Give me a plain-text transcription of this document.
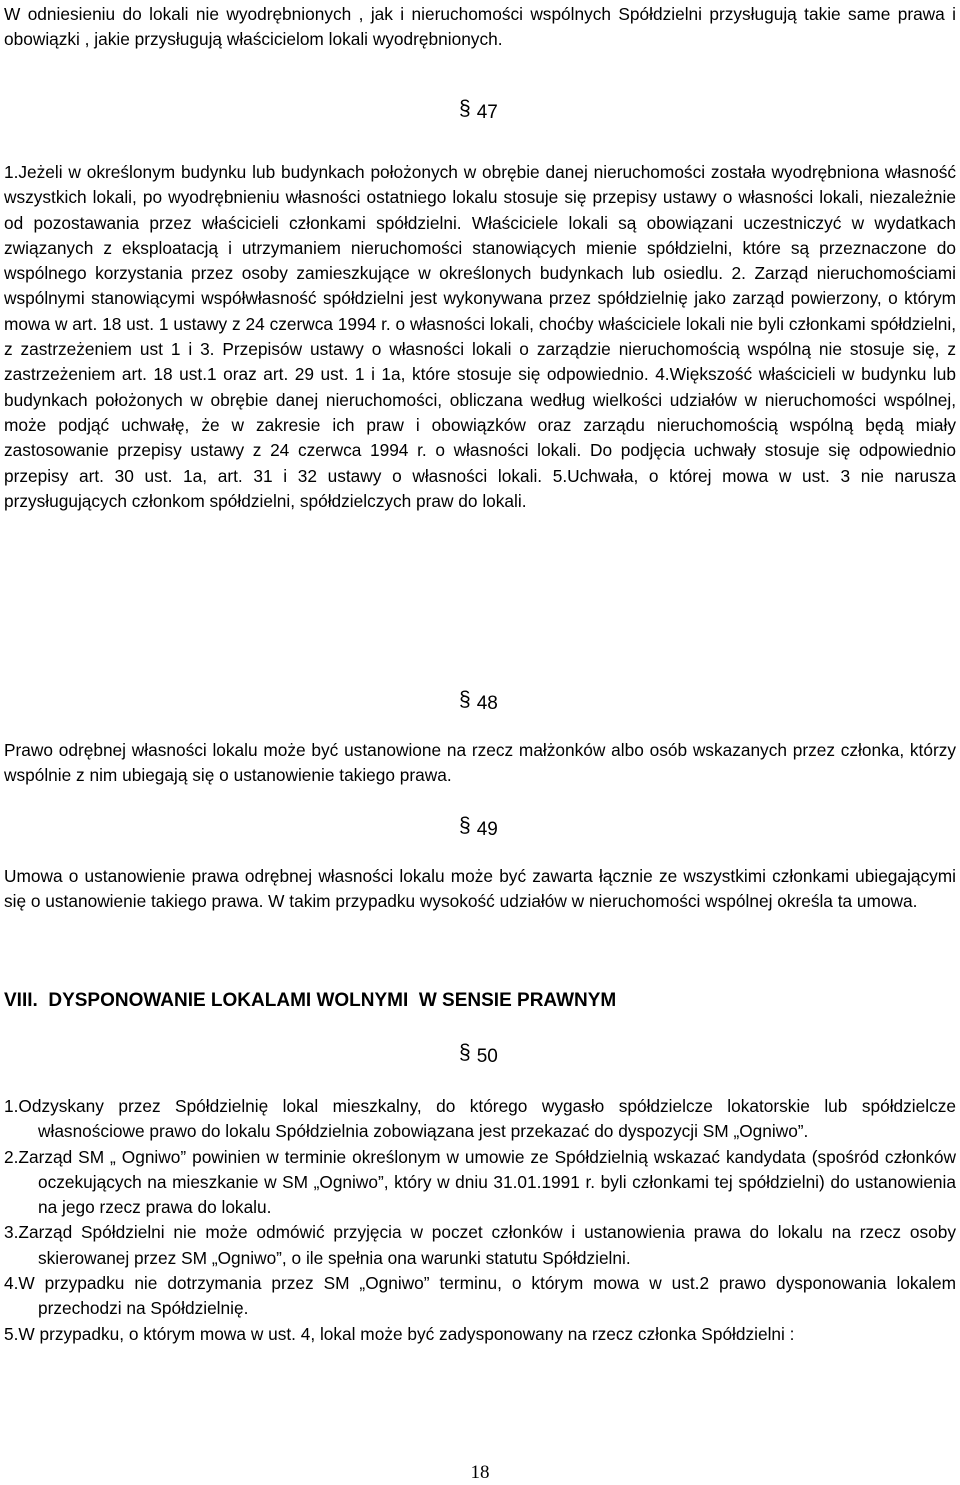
W odniesieniu do lokali nie wyodrębnionych , jak i nieruchomości wspólnych Spółdzielni przysługują takie same prawa i obowiązki , jakie przysługują właścicielom lokali wyodrębnionych.

§ 47

1.Jeżeli w określonym budynku lub budynkach położonych w obrębie danej nieruchomości została wyodrębniona własność wszystkich lokali, po wyodrębnieniu własności ostatniego lokalu stosuje się przepisy ustawy o własności lokali, niezależnie od pozostawania przez właścicieli członkami spółdzielni. Właściciele lokali są obowiązani uczestniczyć w wydatkach związanych z eksploatacją i utrzymaniem nieruchomości stanowiących mienie spółdzielni, które są przeznaczone do wspólnego korzystania przez osoby zamieszkujące w określonych budynkach lub osiedlu. 2. Zarząd nieruchomościami wspólnymi stanowiącymi współwłasność spółdzielni jest wykonywana przez spółdzielnię jako zarząd powierzony, o którym mowa w art. 18 ust. 1 ustawy z 24 czerwca 1994 r. o własności lokali, choćby właściciele lokali nie byli członkami spółdzielni, z zastrzeżeniem ust 1 i 3. Przepisów ustawy o własności lokali o zarządzie nieruchomością wspólną nie stosuje się, z zastrzeżeniem art. 18 ust.1 oraz art. 29 ust. 1 i 1a, które stosuje się odpowiednio. 4.Większość właścicieli w budynku lub budynkach położonych w obrębie danej nieruchomości, obliczana według wielkości udziałów w nieruchomości wspólnej, może podjąć uchwałę, że w zakresie ich praw i obowiązków oraz zarządu nieruchomością wspólną będą miały zastosowanie przepisy ustawy z 24 czerwca 1994 r. o własności lokali. Do podjęcia uchwały stosuje się odpowiednio przepisy art. 30 ust. 1a, art. 31 i 32 ustawy o własności lokali. 5.Uchwała, o której mowa w ust. 3 nie narusza przysługujących członkom spółdzielni, spółdzielczych praw do lokali.

§ 48

Prawo odrębnej własności lokalu może być ustanowione na rzecz małżonków albo osób wskazanych przez członka, którzy wspólnie z nim ubiegają się o ustanowienie takiego prawa.

§ 49

Umowa o ustanowienie prawa odrębnej własności lokalu może być zawarta łącznie ze wszystkimi członkami ubiegającymi się o ustanowienie takiego prawa. W takim przypadku wysokość udziałów w nieruchomości wspólnej określa ta umowa.

VIII.  DYSPONOWANIE LOKALAMI WOLNYMI  W SENSIE PRAWNYM
§ 50

1.Odzyskany przez Spółdzielnię lokal mieszkalny, do którego wygasło spółdzielcze lokatorskie lub spółdzielcze własnościowe prawo do lokalu Spółdzielnia zobowiązana jest przekazać do dyspozycji SM „Ogniwo”.

2.Zarząd SM „ Ogniwo” powinien w terminie określonym w umowie ze Spółdzielnią wskazać kandydata (spośród członków oczekujących na mieszkanie w SM „Ogniwo”, który w dniu 31.01.1991 r. byli członkami tej spółdzielni) do ustanowienia na jego rzecz prawa do lokalu.

3.Zarząd Spółdzielni nie może odmówić przyjęcia w poczet członków i ustanowienia prawa do lokalu na rzecz osoby skierowanej przez SM „Ogniwo”, o ile spełnia ona warunki statutu Spółdzielni.

4.W przypadku nie dotrzymania przez SM „Ogniwo” terminu, o którym mowa w ust.2 prawo dysponowania lokalem przechodzi na Spółdzielnię.

5.W przypadku, o którym mowa w ust. 4, lokal może być zadysponowany na rzecz członka Spółdzielni :

18
